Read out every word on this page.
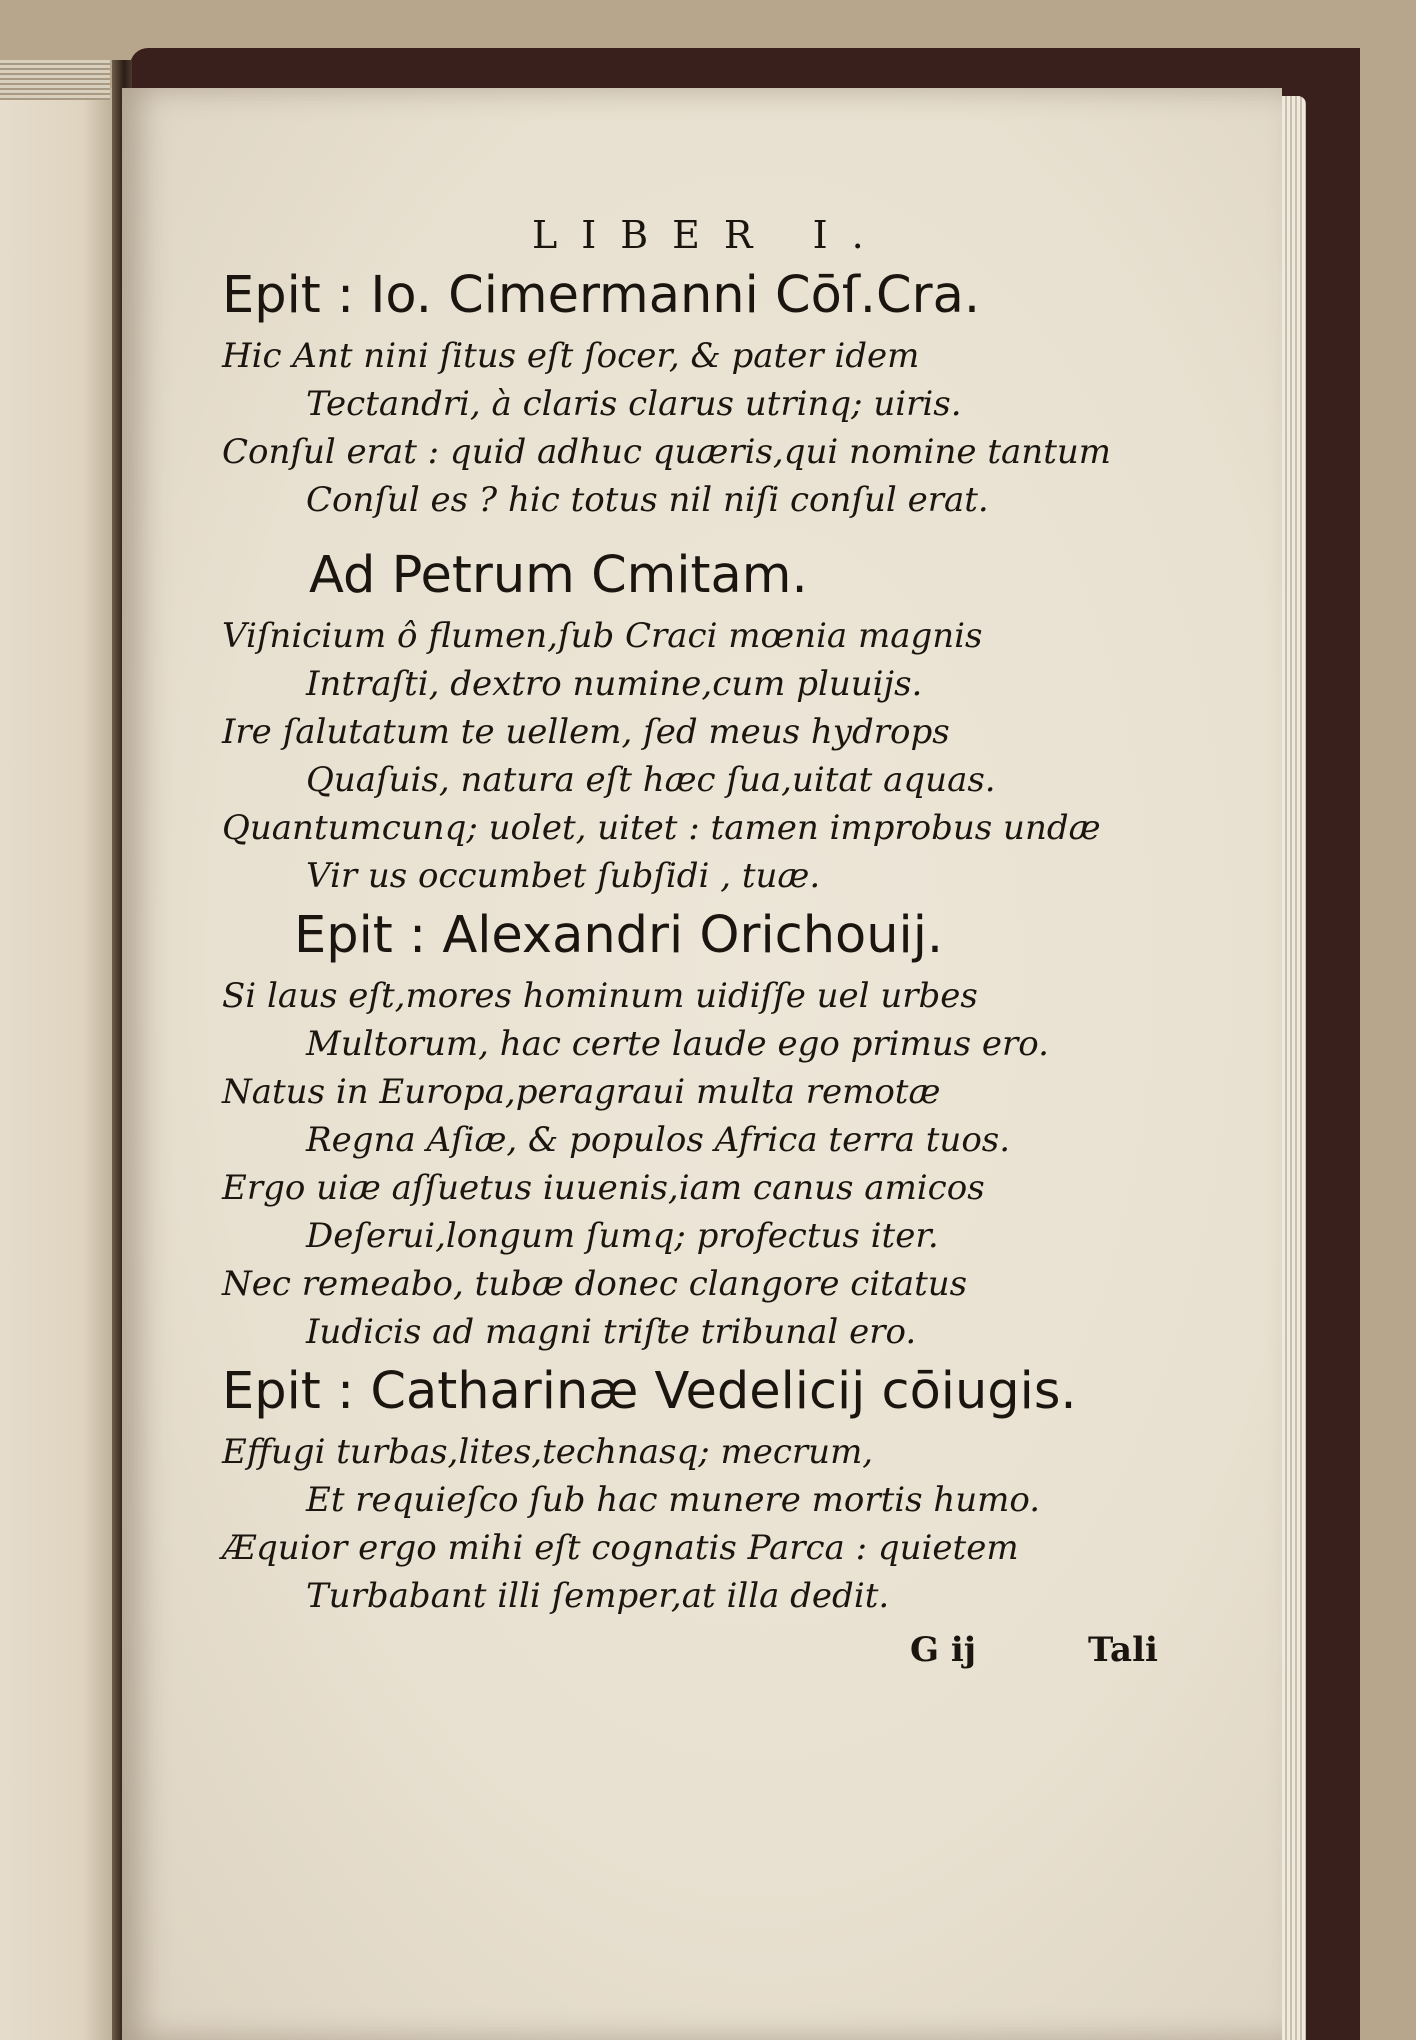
LIBER I.
Epit : Io. Cimermanni Cōſ.Cra.
Hic Ant nini ſitus eſt ſocer, & pater idem
Tectandri, à claris clarus utrinq; uiris.
Conſul erat : quid adhuc quæris,qui nomine tantum
Conſul es ? hic totus nil niſi conſul erat.
Ad Petrum Cmitam.
Viſnicium ô flumen,ſub Craci mœnia magnis
Intraſti, dextro numine,cum pluuijs.
Ire ſalutatum te uellem, ſed meus hydrops
Quaſuis, natura eſt hæc ſua,uitat aquas.
Quantumcunq; uolet, uitet : tamen improbus undæ
Vir us occumbet ſubſidi , tuæ.
Epit : Alexandri Orichouij.
Si laus eſt,mores hominum uidiſſe uel urbes
Multorum, hac certe laude ego primus ero.
Natus in Europa,peragraui multa remotæ
Regna Aſiæ, & populos Africa terra tuos.
Ergo uiæ aſſuetus iuuenis,iam canus amicos
Deſerui,longum ſumq; profectus iter.
Nec remeabo, tubæ donec clangore citatus
Iudicis ad magni triſte tribunal ero.
Epit : Catharinæ Vedelicij cōiugis.
Effugi turbas,lites,technasq; mecrum,
Et requieſco ſub hac munere mortis humo.
Æquior ergo mihi eſt cognatis Parca : quietem
Turbabant illi ſemper,at illa dedit.
G ij	Tali
